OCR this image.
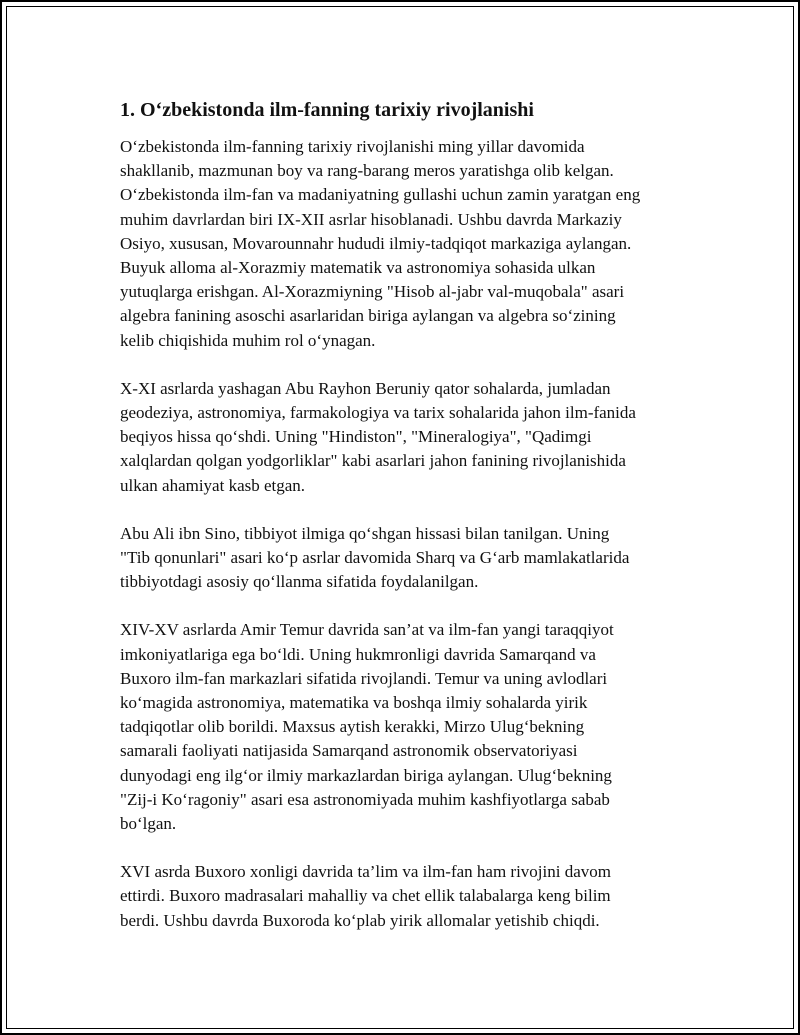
1. O‘zbekistonda ilm-fanning tarixiy rivojlanishi

O‘zbekistonda ilm-fanning tarixiy rivojlanishi ming yillar davomida
shakllanib, mazmunan boy va rang-barang meros yaratishga olib kelgan.
O‘zbekistonda ilm-fan va madaniyatning gullashi uchun zamin yaratgan eng
muhim davrlardan biri IX-XII asrlar hisoblanadi. Ushbu davrda Markaziy
Osiyo, xususan, Movarounnahr hududi ilmiy-tadqiqot markaziga aylangan.
Buyuk alloma al-Xorazmiy matematik va astronomiya sohasida ulkan
yutuqlarga erishgan. Al-Xorazmiyning "Hisob al-jabr val-muqobala" asari
algebra fanining asoschi asarlaridan biriga aylangan va algebra so‘zining
kelib chiqishida muhim rol o‘ynagan.

X-XI asrlarda yashagan Abu Rayhon Beruniy qator sohalarda, jumladan
geodeziya, astronomiya, farmakologiya va tarix sohalarida jahon ilm-fanida
beqiyos hissa qo‘shdi. Uning "Hindiston", "Mineralogiya", "Qadimgi
xalqlardan qolgan yodgorliklar" kabi asarlari jahon fanining rivojlanishida
ulkan ahamiyat kasb etgan.

Abu Ali ibn Sino, tibbiyot ilmiga qo‘shgan hissasi bilan tanilgan. Uning
"Tib qonunlari" asari ko‘p asrlar davomida Sharq va G‘arb mamlakatlarida
tibbiyotdagi asosiy qo‘llanma sifatida foydalanilgan.

XIV-XV asrlarda Amir Temur davrida san’at va ilm-fan yangi taraqqiyot
imkoniyatlariga ega bo‘ldi. Uning hukmronligi davrida Samarqand va
Buxoro ilm-fan markazlari sifatida rivojlandi. Temur va uning avlodlari
ko‘magida astronomiya, matematika va boshqa ilmiy sohalarda yirik
tadqiqotlar olib borildi. Maxsus aytish kerakki, Mirzo Ulug‘bekning
samarali faoliyati natijasida Samarqand astronomik observatoriyasi
dunyodagi eng ilg‘or ilmiy markazlardan biriga aylangan. Ulug‘bekning
"Zij-i Ko‘ragoniy" asari esa astronomiyada muhim kashfiyotlarga sabab
bo‘lgan.

XVI asrda Buxoro xonligi davrida ta’lim va ilm-fan ham rivojini davom
ettirdi. Buxoro madrasalari mahalliy va chet ellik talabalarga keng bilim
berdi. Ushbu davrda Buxoroda ko‘plab yirik allomalar yetishib chiqdi.
